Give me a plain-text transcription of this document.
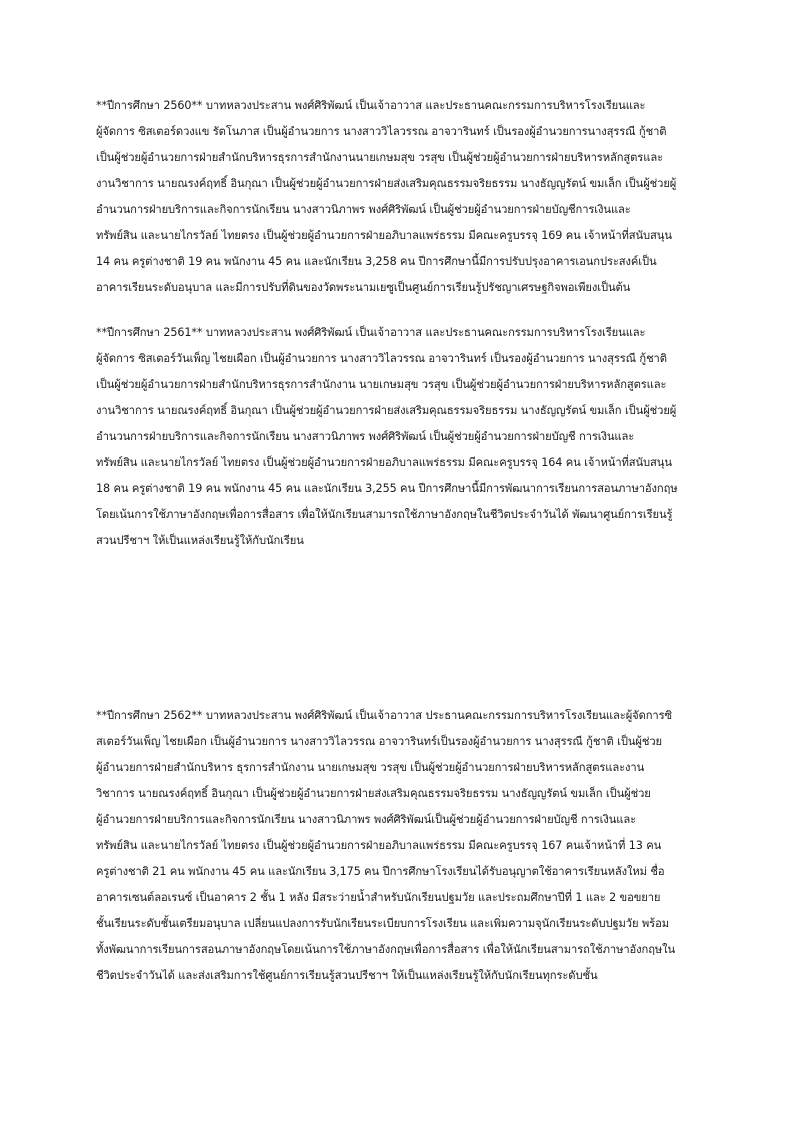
**ปีการศึกษา 2560** บาทหลวงประสาน พงศ์ศิริพัฒน์ เป็นเจ้าอาวาส และประธานคณะกรรมการบริหารโรงเรียนและ
ผู้จัดการ ซิสเตอร์ดวงแข รัตโนภาส เป็นผู้อำนวยการ นางสาววิไลวรรณ อาจวารินทร์ เป็นรองผู้อำนวยการนางสุรรณี กู้ชาติ
เป็นผู้ช่วยผู้อำนวยการฝ่ายสำนักบริหารธุรการสำนักงานนายเกษมสุข วรสุข เป็นผู้ช่วยผู้อำนวยการฝ่ายบริหารหลักสูตรและ
งานวิชาการ นายณรงค์ฤทธิ์ อินกุณา เป็นผู้ช่วยผู้อำนวยการฝ่ายส่งเสริมคุณธรรมจริยธรรม นางธัญญรัตน์ ขมเล็ก เป็นผู้ช่วยผู้
อำนวนการฝ่ายบริการและกิจการนักเรียน นางสาวนิภาพร พงศ์ศิริพัฒน์ เป็นผู้ช่วยผู้อำนวยการฝ่ายบัญชีการเงินและ
ทรัพย์สิน และนายไกรวัลย์ ไทยตรง เป็นผู้ช่วยผู้อำนวยการฝ่ายอภิบาลแพร่ธรรม มีคณะครูบรรจุ 169 คน เจ้าหน้าที่สนับสนุน
14 คน ครูต่างชาติ 19 คน พนักงาน 45 คน และนักเรียน 3,258 คน ปีการศึกษานี้มีการปรับปรุงอาคารเอนกประสงค์เป็น
อาคารเรียนระดับอนุบาล และมีการปรับที่ดินของวัดพระนามเยซูเป็นศูนย์การเรียนรู้ปรัชญาเศรษฐกิจพอเพียงเป็นต้น

**ปีการศึกษา 2561** บาทหลวงประสาน พงศ์ศิริพัฒน์ เป็นเจ้าอาวาส และประธานคณะกรรมการบริหารโรงเรียนและ
ผู้จัดการ ซิสเตอร์วันเพ็ญ ไชยเผือก เป็นผู้อำนวยการ นางสาววิไลวรรณ อาจวารินทร์ เป็นรองผู้อำนวยการ นางสุรรณี กู้ชาติ
เป็นผู้ช่วยผู้อำนวยการฝ่ายสำนักบริหารธุรการสำนักงาน นายเกษมสุข วรสุข เป็นผู้ช่วยผู้อำนวยการฝ่ายบริหารหลักสูตรและ
งานวิชาการ นายณรงค์ฤทธิ์ อินกุณา เป็นผู้ช่วยผู้อำนวยการฝ่ายส่งเสริมคุณธรรมจริยธรรม นางธัญญรัตน์ ขมเล็ก เป็นผู้ช่วยผู้
อำนวนการฝ่ายบริการและกิจการนักเรียน นางสาวนิภาพร พงศ์ศิริพัฒน์ เป็นผู้ช่วยผู้อำนวยการฝ่ายบัญชี การเงินและ
ทรัพย์สิน และนายไกรวัลย์ ไทยตรง เป็นผู้ช่วยผู้อำนวยการฝ่ายอภิบาลแพร่ธรรม มีคณะครูบรรจุ 164 คน เจ้าหน้าที่สนับสนุน
18 คน ครูต่างชาติ 19 คน พนักงาน 45 คน และนักเรียน 3,255 คน ปีการศึกษานี้มีการพัฒนาการเรียนการสอนภาษาอังกฤษ
โดยเน้นการใช้ภาษาอังกฤษเพื่อการสื่อสาร เพื่อให้นักเรียนสามารถใช้ภาษาอังกฤษในชีวิตประจำวันได้ พัฒนาศูนย์การเรียนรู้
สวนปรีชาฯ ให้เป็นแหล่งเรียนรู้ให้กับนักเรียน

**ปีการศึกษา 2562** บาทหลวงประสาน พงศ์ศิริพัฒน์ เป็นเจ้าอาวาส ประธานคณะกรรมการบริหารโรงเรียนและผู้จัดการซิ
สเตอร์วันเพ็ญ ไชยเผือก เป็นผู้อำนวยการ นางสาววิไลวรรณ อาจวารินทร์เป็นรองผู้อำนวยการ นางสุรรณี กู้ชาติ เป็นผู้ช่วย
ผู้อำนวยการฝ่ายสำนักบริหาร ธุรการสำนักงาน นายเกษมสุข วรสุข เป็นผู้ช่วยผู้อำนวยการฝ่ายบริหารหลักสูตรและงาน
วิชาการ นายณรงค์ฤทธิ์ อินกุณา เป็นผู้ช่วยผู้อำนวยการฝ่ายส่งเสริมคุณธรรมจริยธรรม นางธัญญรัตน์ ขมเล็ก เป็นผู้ช่วย
ผู้อำนวยการฝ่ายบริการและกิจการนักเรียน นางสาวนิภาพร พงศ์ศิริพัฒน์เป็นผู้ช่วยผู้อำนวยการฝ่ายบัญชี การเงินและ
ทรัพย์สิน และนายไกรวัลย์ ไทยตรง เป็นผู้ช่วยผู้อำนวยการฝ่ายอภิบาลแพร่ธรรม มีคณะครูบรรจุ 167 คนเจ้าหน้าที่ 13 คน
ครูต่างชาติ 21 คน พนักงาน 45 คน และนักเรียน 3,175 คน ปีการศึกษาโรงเรียนได้รับอนุญาตใช้อาคารเรียนหลังใหม่ ชื่อ
อาคารเซนต์ลอเรนซ์ เป็นอาคาร 2 ชั้น 1 หลัง มีสระว่ายน้ำสำหรับนักเรียนปฐมวัย และประถมศึกษาปีที่ 1 และ 2 ขอขยาย
ชั้นเรียนระดับชั้นเตรียมอนุบาล เปลี่ยนแปลงการรับนักเรียนระเบียบการโรงเรียน และเพิ่มความจุนักเรียนระดับปฐมวัย พร้อม
ทั้งพัฒนาการเรียนการสอนภาษาอังกฤษโดยเน้นการใช้ภาษาอังกฤษเพื่อการสื่อสาร เพื่อให้นักเรียนสามารถใช้ภาษาอังกฤษใน
ชีวิตประจำวันได้ และส่งเสริมการใช้ศูนย์การเรียนรู้สวนปรีชาฯ ให้เป็นแหล่งเรียนรู้ให้กับนักเรียนทุกระดับชั้น
